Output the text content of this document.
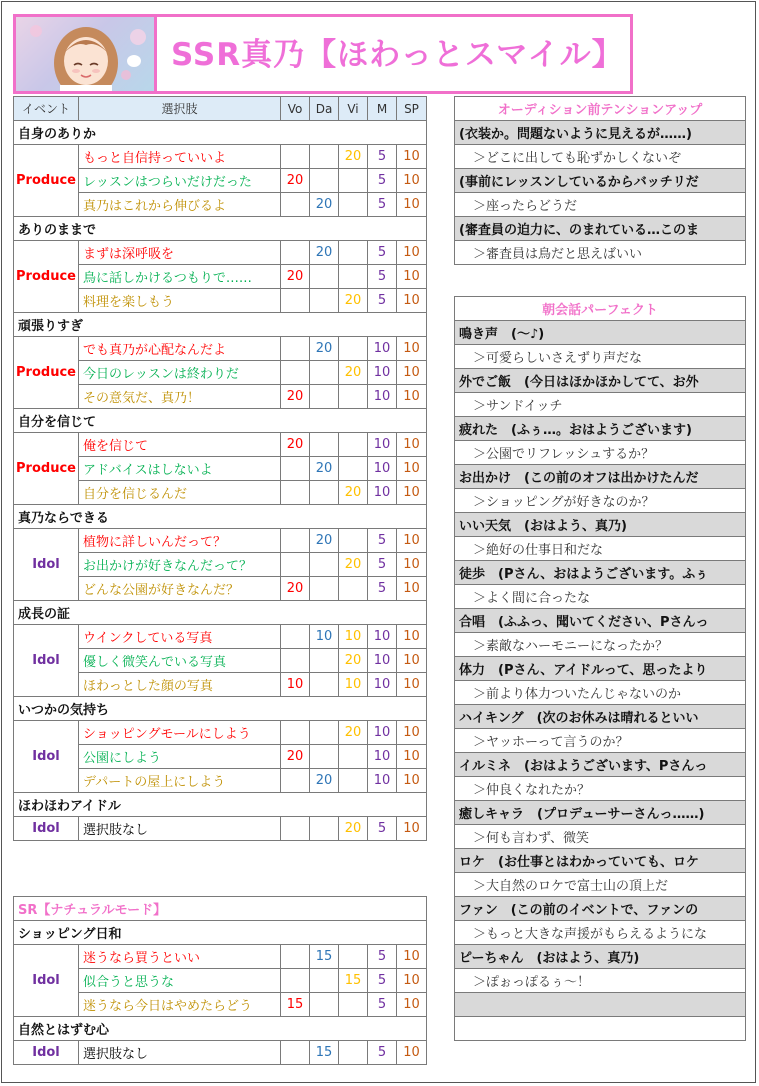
SSR真乃【ほわっとスマイル】
イベント	選択肢	Vo	Da	Vi	M	SP
自身のありか						
Produce	もっと自信持っていいよ			20	5	10
	レッスンはつらいだけだった	20			5	10
	真乃はこれから伸びるよ		20		5	10
ありのままで						
Produce	まずは深呼吸を		20		5	10
	鳥に話しかけるつもりで……	20			5	10
	料理を楽しもう			20	5	10
頑張りすぎ						
Produce	でも真乃が心配なんだよ		20		10	10
	今日のレッスンは終わりだ			20	10	10
	その意気だ、真乃！	20			10	10
自分を信じて						
Produce	俺を信じて	20			10	10
	アドバイスはしないよ		20		10	10
	自分を信じるんだ			20	10	10
真乃ならできる						
Idol	植物に詳しいんだって？		20		5	10
	お出かけが好きなんだって？			20	5	10
	どんな公園が好きなんだ？	20			5	10
成長の証						
Idol	ウインクしている写真		10	10	10	10
	優しく微笑んでいる写真			20	10	10
	ほわっとした顔の写真	10		10	10	10
いつかの気持ち						
Idol	ショッピングモールにしよう			20	10	10
	公園にしよう	20			10	10
	デパートの屋上にしよう		20		10	10
ほわほわアイドル						
Idol	選択肢なし			20	5	10
SR【ナチュラルモード】						
ショッピング日和						
Idol	迷うなら買うといい		15		5	10
	似合うと思うな			15	5	10
	迷うなら今日はやめたらどう	15			5	10
自然とはずむ心						
Idol	選択肢なし		15		5	10
オーディション前テンションアップ
(衣装か。問題ないように見えるが……)
＞どこに出しても恥ずかしくないぞ
(事前にレッスンしているからバッチリだ
＞座ったらどうだ
(審査員の迫力に、のまれている…このま
＞審査員は鳥だと思えばいい
朝会話パーフェクト
鳴き声　(～♪)
＞可愛らしいさえずり声だな
外でご飯　(今日はほかほかしてて、お外
＞サンドイッチ
疲れた　(ふぅ…。おはようございます)
＞公園でリフレッシュするか？
お出かけ　(この前のオフは出かけたんだ
＞ショッピングが好きなのか？
いい天気　(おはよう、真乃)
＞絶好の仕事日和だな
徒歩　(Pさん、おはようございます。ふぅ
＞よく間に合ったな
合唱　(ふふっ、聞いてください、Pさんっ
＞素敵なハーモニーになったか？
体力　(Pさん、アイドルって、思ったより
＞前より体力ついたんじゃないのか
ハイキング　(次のお休みは晴れるといい
＞ヤッホーって言うのか？
イルミネ　(おはようございます、Pさんっ
＞仲良くなれたか？
癒しキャラ　(プロデューサーさんっ……)
＞何も言わず、微笑
ロケ　(お仕事とはわかっていても、ロケ
＞大自然のロケで富士山の頂上だ
ファン　(この前のイベントで、ファンの
＞もっと大きな声援がもらえるようにな
ピーちゃん　(おはよう、真乃)
＞ぽぉっぽるぅ～！
